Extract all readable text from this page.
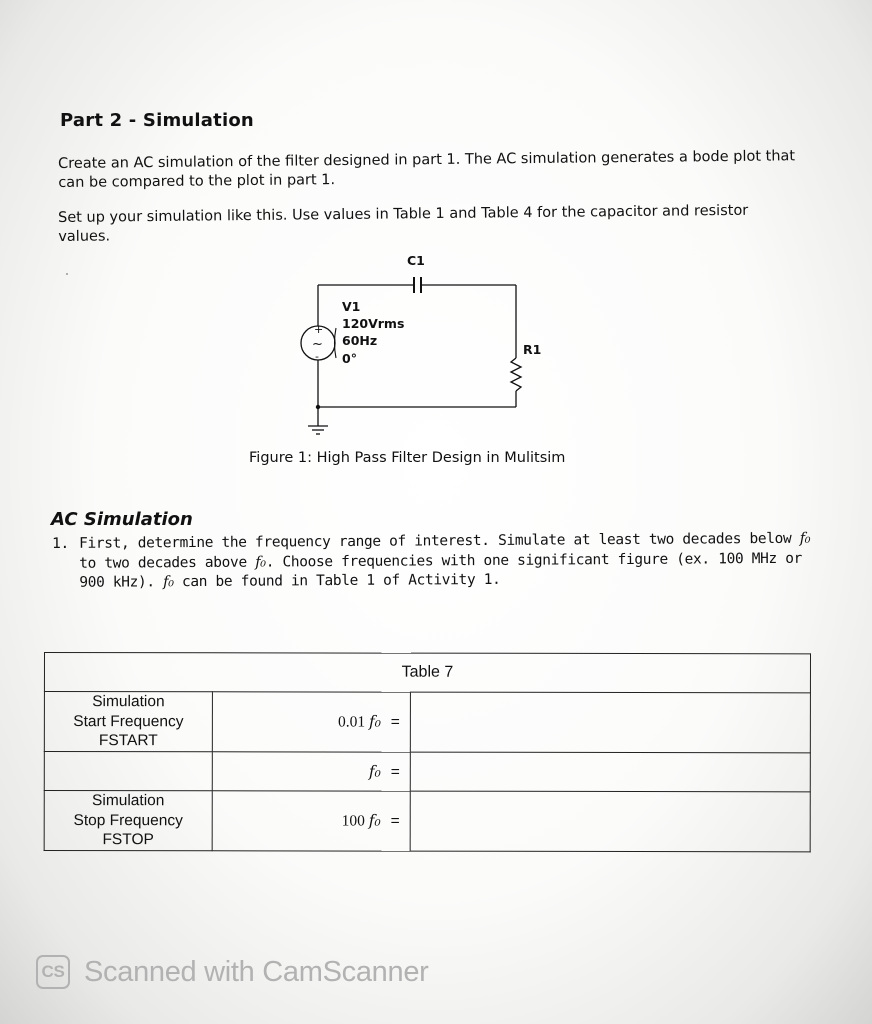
Part 2 - Simulation
Create an AC simulation of the filter designed in part 1. The AC simulation generates a bode plot that can be compared to the plot in part 1.
Set up your simulation like this. Use values in Table 1 and Table 4 for the capacitor and resistor values.
C1
V1
120Vrms
60Hz
0°
R1
+
-
~
Figure 1: High Pass Filter Design in Mulitsim
AC Simulation
1. First, determine the frequency range of interest. Simulate at least two decades below f₀ to two decades above f₀. Choose frequencies with one significant figure (ex. 100 MHz or 900 kHz). f₀ can be found in Table 1 of Activity 1.
Table 7		

Simulation
Start Frequency
FSTART	0.01 f₀ =	
	f₀ =	

Simulation
Stop Frequency
FSTOP	100 f₀ =	
CS Scanned with CamScanner
